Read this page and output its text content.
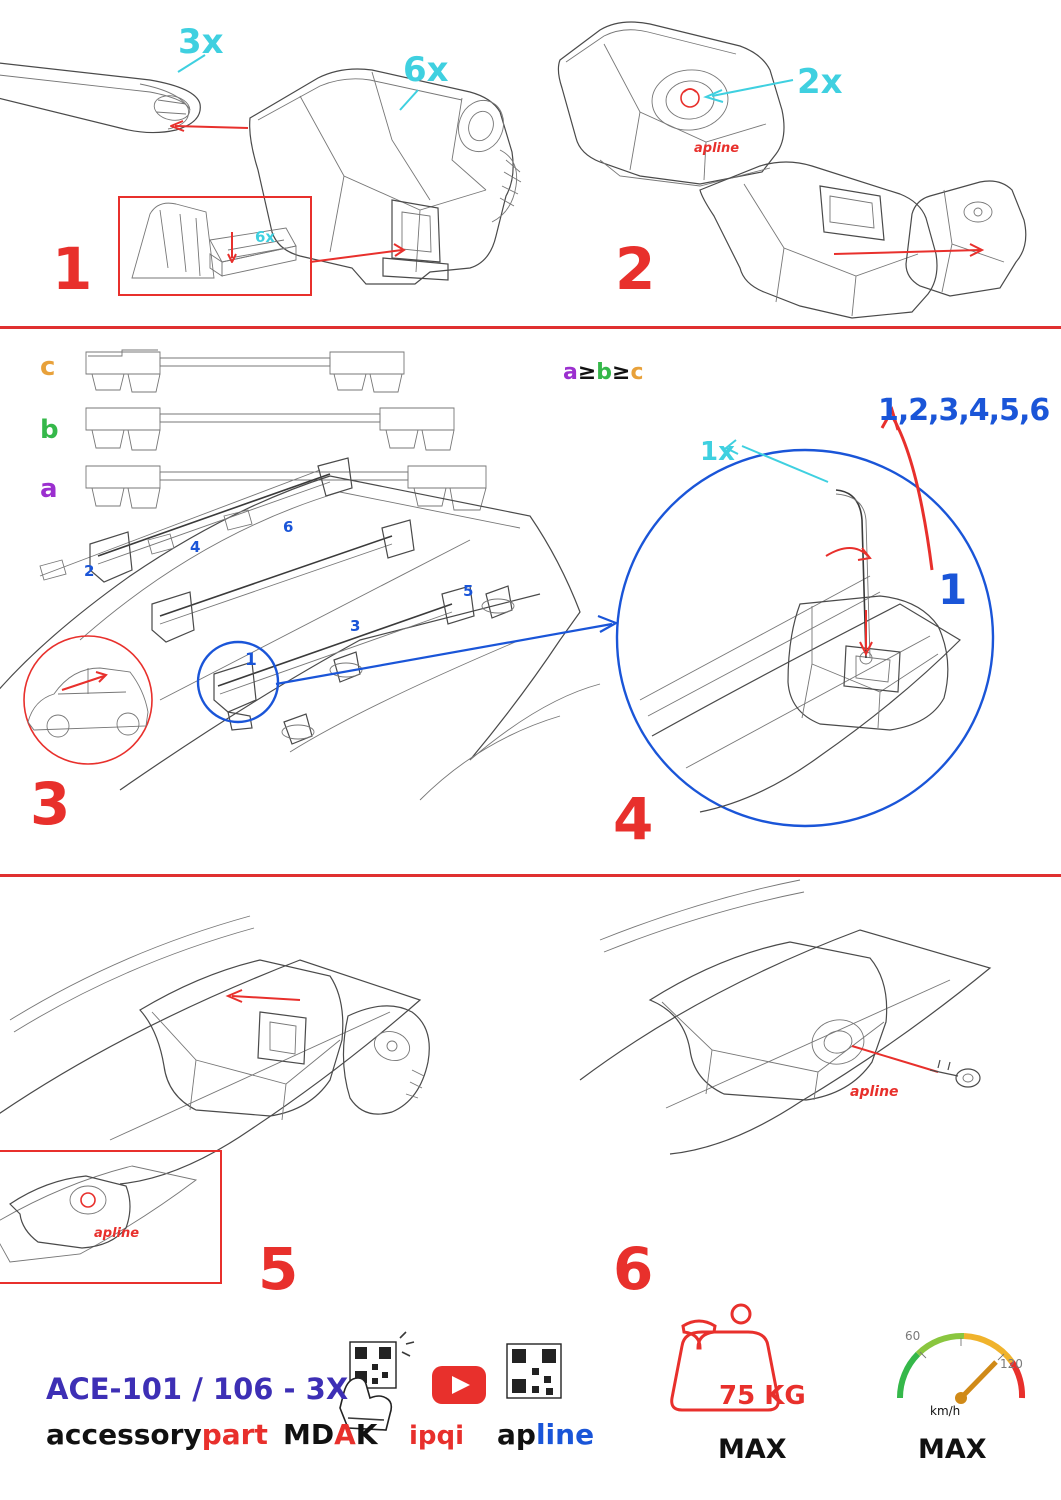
apline
apline
apline
1	2
3	4
5	6
3x
6x	2x
1x
6x
c
b
a
a≥b≥c
1,2,3,4,5,6
1
1
2
3
4
5
6
ACE-101 / 106 - 3X
accessorypart MDAK ipqi apline
75 KG
MAX	MAX
km/h
60
120
